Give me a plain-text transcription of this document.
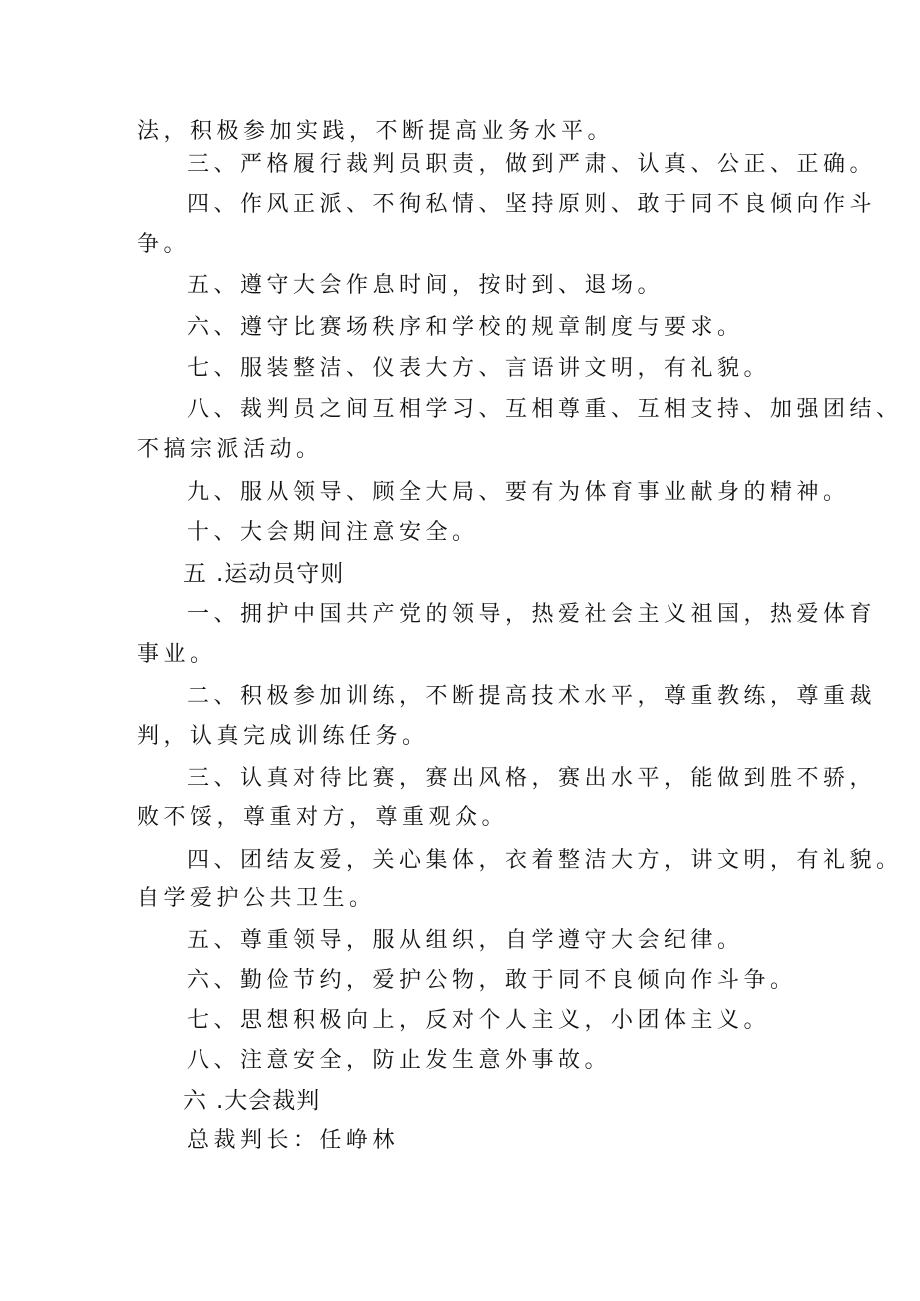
法，积极参加实践，不断提高业务水平。
三、严格履行裁判员职责，做到严肃、认真、公正、正确。
四、作风正派、不徇私情、坚持原则、敢于同不良倾向作斗
争。
五、遵守大会作息时间，按时到、退场。
六、遵守比赛场秩序和学校的规章制度与要求。
七、服装整洁、仪表大方、言语讲文明，有礼貌。
八、裁判员之间互相学习、互相尊重、互相支持、加强团结、
不搞宗派活动。
九、服从领导、顾全大局、要有为体育事业献身的精神。
十、大会期间注意安全。
五.运动员守则
一、拥护中国共产党的领导，热爱社会主义祖国，热爱体育
事业。
二、积极参加训练，不断提高技术水平，尊重教练，尊重裁
判，认真完成训练任务。
三、认真对待比赛，赛出风格，赛出水平，能做到胜不骄，
败不馁，尊重对方，尊重观众。
四、团结友爱，关心集体，衣着整洁大方，讲文明，有礼貌。
自学爱护公共卫生。
五、尊重领导，服从组织，自学遵守大会纪律。
六、勤俭节约，爱护公物，敢于同不良倾向作斗争。
七、思想积极向上，反对个人主义，小团体主义。
八、注意安全，防止发生意外事故。
六.大会裁判
总裁判长：任峥林
